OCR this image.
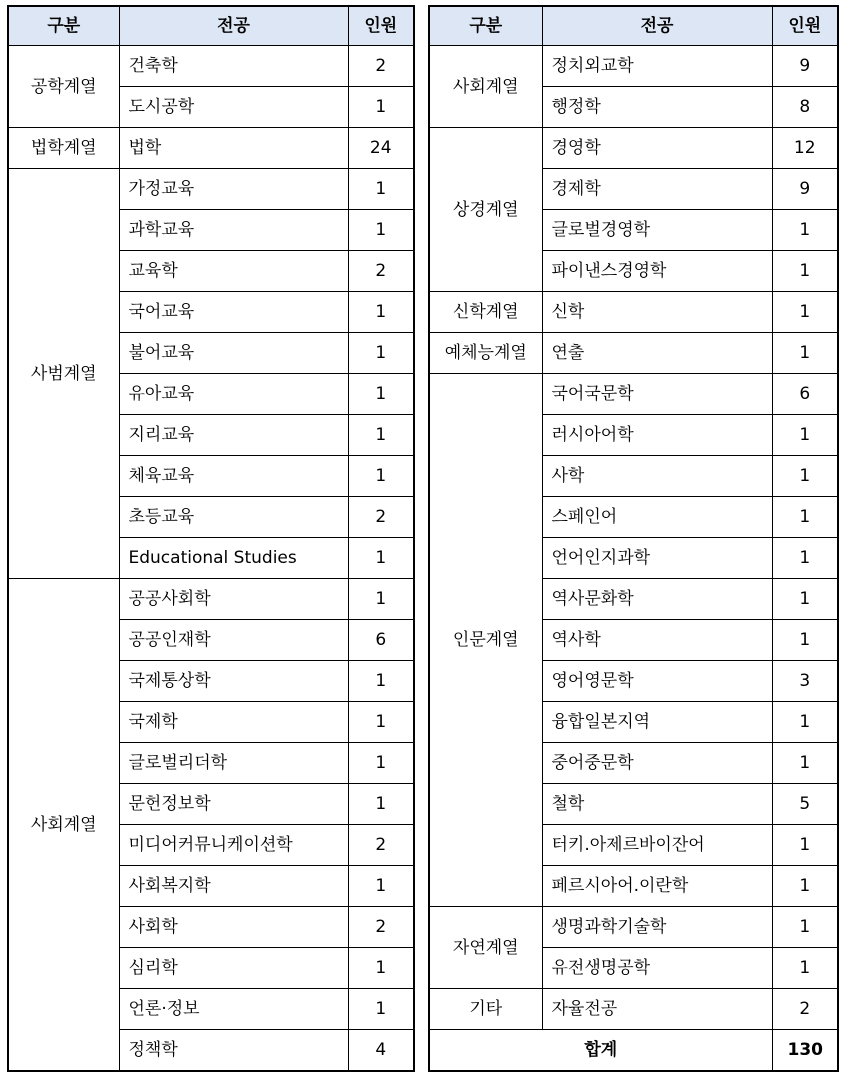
구분	전공	인원
공학계열	건축학	2
	도시공학	1
법학계열	법학	24
사범계열	가정교육	1
	과학교육	1
	교육학	2
	국어교육	1
	불어교육	1
	유아교육	1
	지리교육	1
	체육교육	1
	초등교육	2
	Educational Studies	1
사회계열	공공사회학	1
	공공인재학	6
	국제통상학	1
	국제학	1
	글로벌리더학	1
	문헌정보학	1
	미디어커뮤니케이션학	2
	사회복지학	1
	사회학	2
	심리학	1
	언론·정보	1
	정책학	4
구분	전공	인원
사회계열	정치외교학	9
	행정학	8
상경계열	경영학	12
	경제학	9
	글로벌경영학	1
	파이낸스경영학	1
신학계열	신학	1
예체능계열	연출	1
인문계열	국어국문학	6
	러시아어학	1
	사학	1
	스페인어	1
	언어인지과학	1
	역사문화학	1
	역사학	1
	영어영문학	3
	융합일본지역	1
	중어중문학	1
	철학	5
	터키.아제르바이잔어	1
	페르시아어.이란학	1
자연계열	생명과학기술학	1
	유전생명공학	1
기타	자율전공	2
합계		130
